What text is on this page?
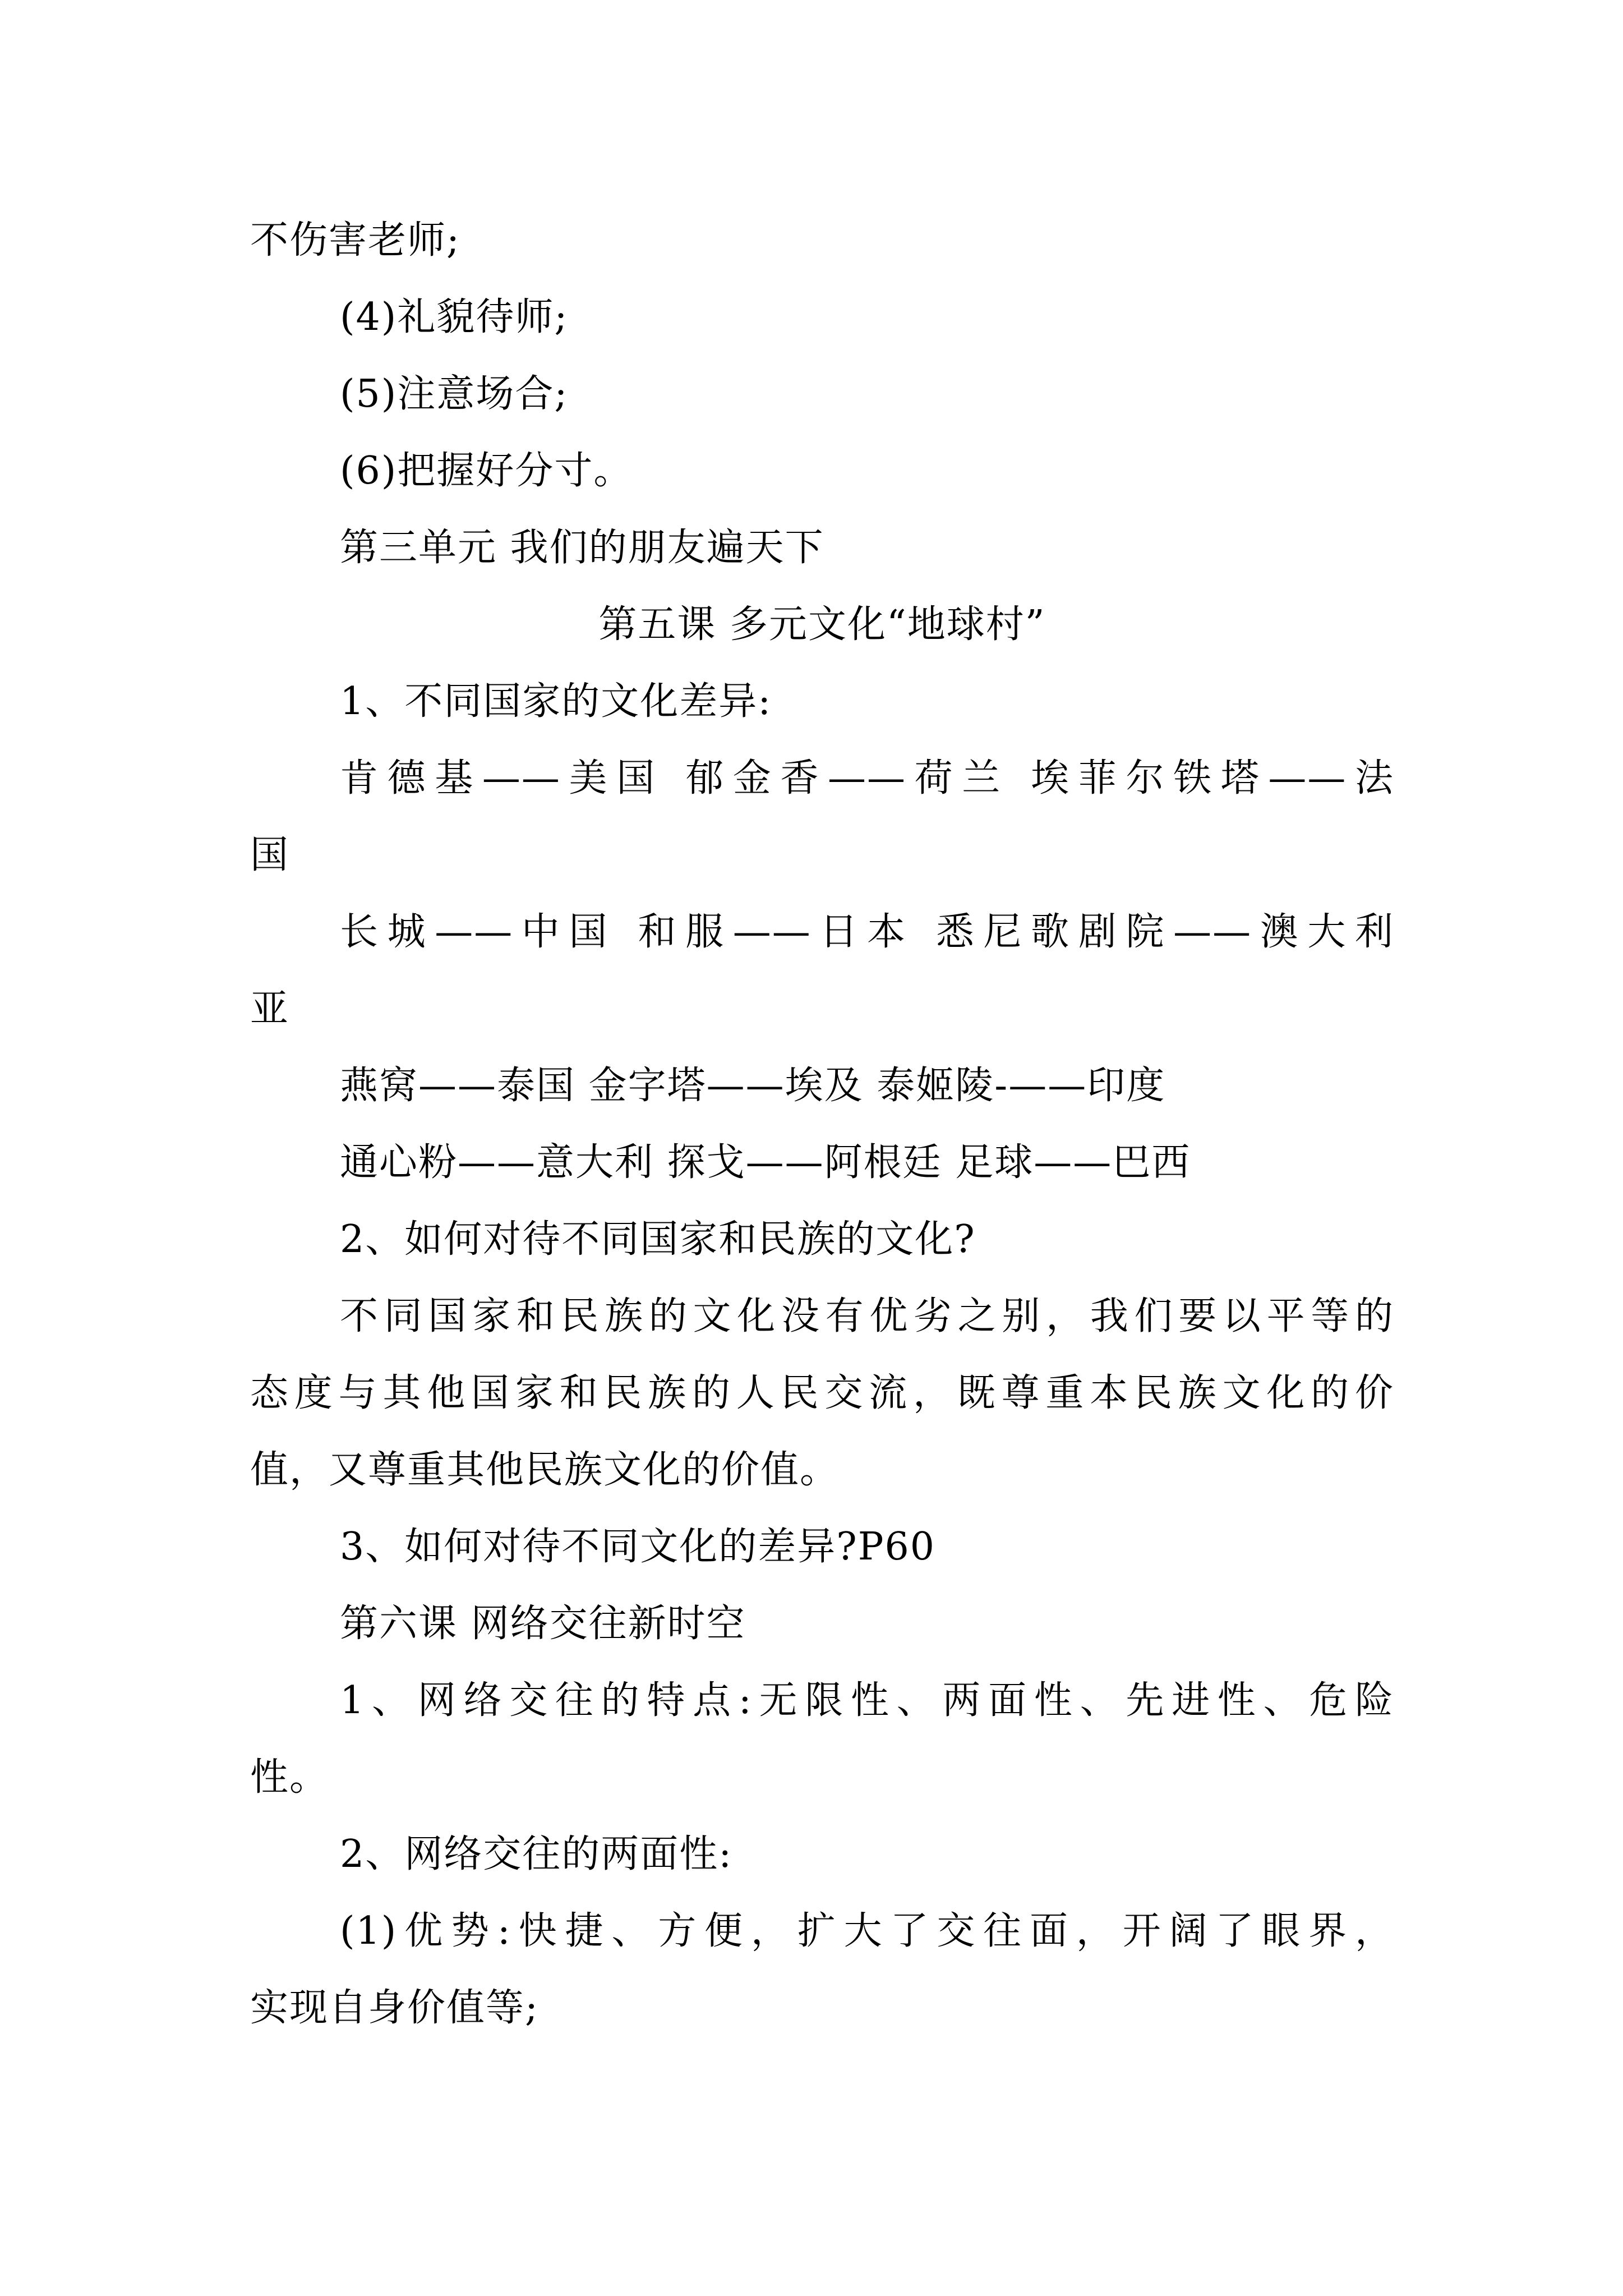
不伤害老师;
(4)礼貌待师;
(5)注意场合;
(6)把握好分寸。
第三单元 我们的朋友遍天下
第五课 多元文化“地球村”
1、不同国家的文化差异:
肯德基——美国 郁金香——荷兰 埃菲尔铁塔——法
国
长城——中国 和服——日本 悉尼歌剧院——澳大利
亚
燕窝——泰国 金字塔——埃及 泰姬陵-——印度
通心粉——意大利 探戈——阿根廷 足球——巴西
2、如何对待不同国家和民族的文化?
不同国家和民族的文化没有优劣之别，我们要以平等的
态度与其他国家和民族的人民交流，既尊重本民族文化的价
值，又尊重其他民族文化的价值。
3、如何对待不同文化的差异?P60
第六课 网络交往新时空
1、网络交往的特点:无限性、两面性、先进性、危险
性。
2、网络交往的两面性:
(1)优势:快捷、方便，扩大了交往面，开阔了眼界，
实现自身价值等;
